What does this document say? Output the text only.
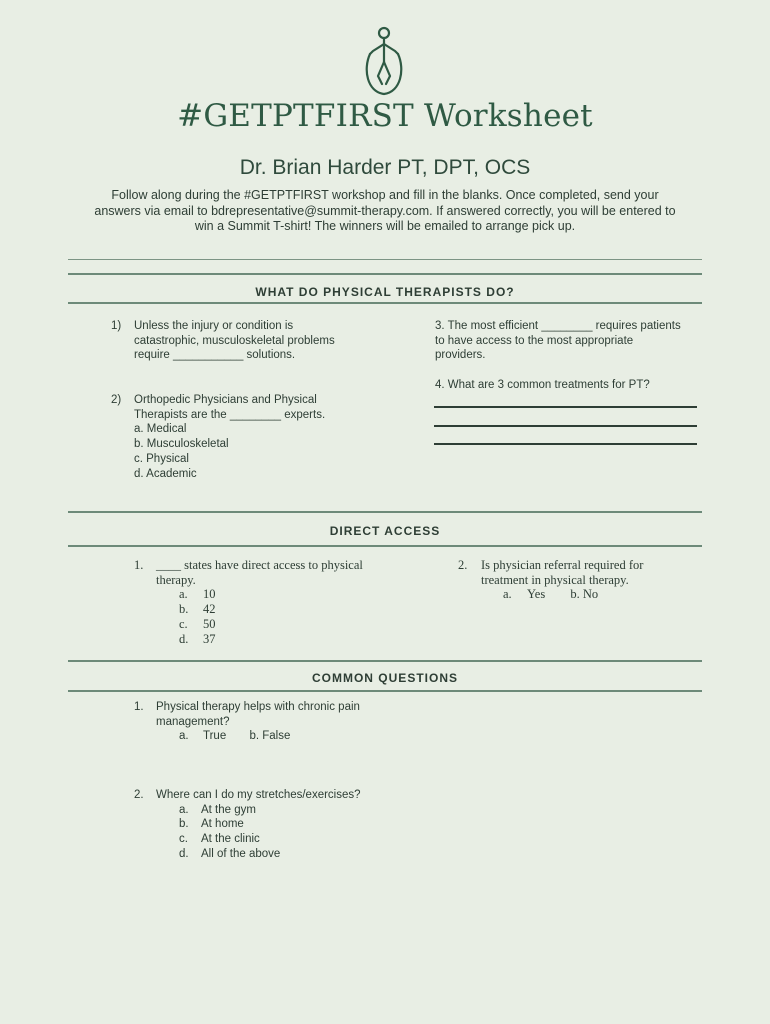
#GETPTFIRST Worksheet
Dr. Brian Harder PT, DPT, OCS
Follow along during the #GETPTFIRST workshop and fill in the blanks. Once completed, send your
answers via email to bdrepresentative@summit-therapy.com. If answered correctly, you will be entered to
win a Summit T-shirt! The winners will be emailed to arrange pick up.
WHAT DO PHYSICAL THERAPISTS DO?
1) Unless the injury or condition is
catastrophic, musculoskeletal problems
require ___________ solutions.
2) Orthopedic Physicians and Physical
Therapists are the ________ experts.
a. Medical
b. Musculoskeletal
c. Physical
d. Academic
3. The most efficient ________ requires patients
to have access to the most appropriate
providers.
4. What are 3 common treatments for PT?
DIRECT ACCESS
1. ____ states have direct access to physical
therapy.
a. 10
b. 42
c. 50
d. 37
2. Is physician referral required for
treatment in physical therapy.
a. Yes b. No
COMMON QUESTIONS
1. Physical therapy helps with chronic pain
management?
a. True b. False
2. Where can I do my stretches/exercises?
a. At the gym
b. At home
c. At the clinic
d. All of the above
